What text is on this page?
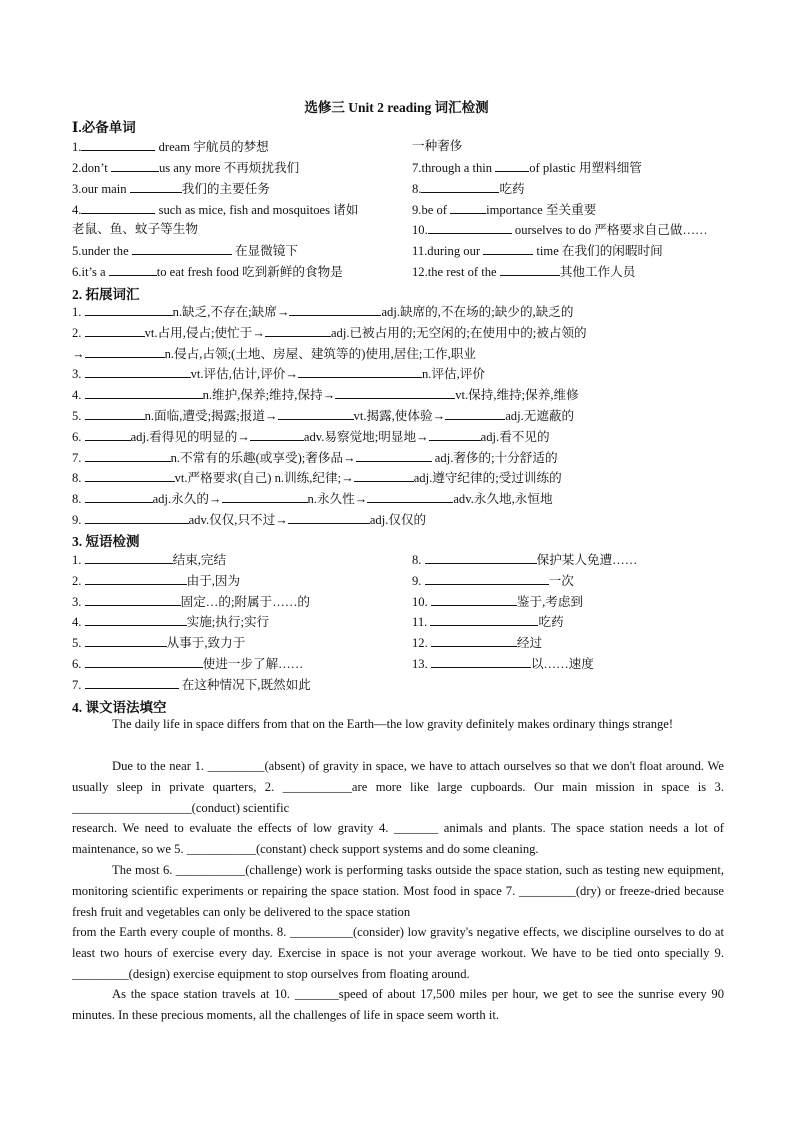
选修三 Unit 2 reading 词汇检测
Ⅰ.必备单词
1.	dream 宇航员的梦想
2.don’t	us any more 不再烦扰我们
3.our main	我们的主要任务
4.	such as mice, fish and mosquitoes 诸如
老鼠、鱼、蚊子等生物
5.under the	在显微镜下
6.it’s a	to eat fresh food 吃到新鲜的食物是
一种奢侈
7.through a thin	of plastic 用塑料细管
8.	吃药
9.be of	importance 至关重要
10.	ourselves to do 严格要求自己做……
11.during our	time 在我们的闲暇时间
12.the rest of the	其他工作人员
2. 拓展词汇
1.	n.缺乏,不存在;缺席→	adj.缺席的,不在场的;缺少的,缺乏的
2.	vt.占用,侵占;使忙于→	adj.已被占用的;无空闲的;在使用中的;被占领的
→	n.侵占,占领;(土地、房屋、建筑等的)使用,居住;工作,职业
3.	vt.评估,估计,评价→	n.评估,评价
4.	n.维护,保养;维持,保持→	vt.保持,维持;保养,维修
5.	n.面临,遭受;揭露;报道→	vt.揭露,使体验→	adj.无遮蔽的
6.	adj.看得见的明显的→	adv.易察觉地;明显地→	adj.看不见的
7.	n.不常有的乐趣(或享受);奢侈品→	adj.奢侈的;十分舒适的
8.	vt.严格要求(自己) n.训练,纪律;→	adj.遵守纪律的;受过训练的
8.	adj.永久的→	n.永久性→	adv.永久地,永恒地
9.	adv.仅仅,只不过→	adj.仅仅的
3. 短语检测
1.	结束,完结
2.	由于,因为
3.	固定…的;附属于……的
4.	实施;执行;实行
5.	从事于,致力于
6.	使进一步了解……
7.	在这种情况下,既然如此
8.	保护某人免遭……
9.	一次
10.	鉴于,考虑到
11.	吃药
12.	经过
13.	以……速度
4. 课文语法填空
The daily life in space differs from that on the Earth—the low gravity definitely makes ordinary things strange!
Due to the near 1. _________(absent) of gravity in space, we have to attach ourselves so that we don't float around. We usually sleep in private quarters, 2. ___________are more like large cupboards. Our main mission in space is 3. ___________________(conduct) scientific
research. We need to evaluate the effects of low gravity 4. _______ animals and plants. The space station needs a lot of maintenance, so we 5. ___________(constant) check support systems and do some cleaning.
The most 6. ___________(challenge) work is performing tasks outside the space station, such as testing new equipment, monitoring scientific experiments or repairing the space station. Most food in space 7. _________(dry) or freeze-dried because fresh fruit and vegetables can only be delivered to the space station
from the Earth every couple of months. 8. __________(consider) low gravity's negative effects, we discipline ourselves to do at least two hours of exercise every day. Exercise in space is not your average workout. We have to be tied onto specially 9. _________(design) exercise equipment to stop ourselves from floating around.
As the space station travels at 10. _______speed of about 17,500 miles per hour, we get to see the sunrise every 90 minutes. In these precious moments, all the challenges of life in space seem worth it.
